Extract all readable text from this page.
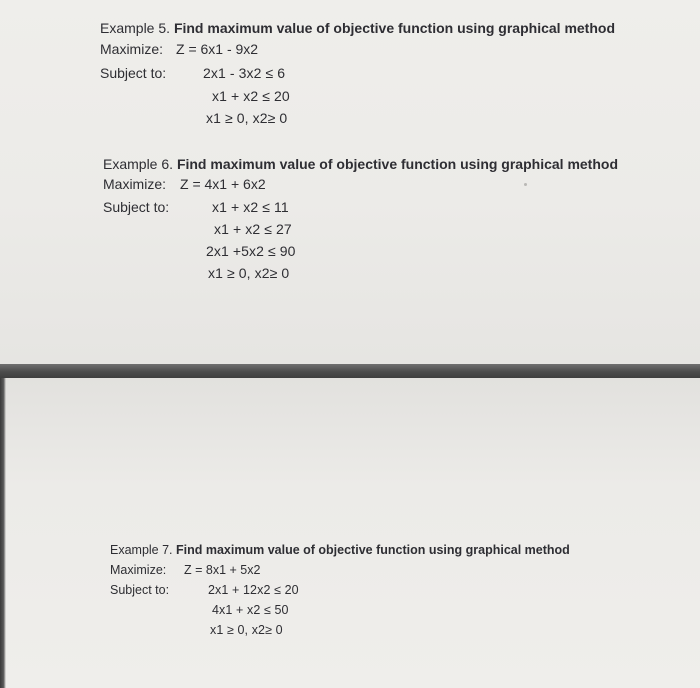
Example 5. Find maximum value of objective function using graphical method
Maximize: Z = 6x1 - 9x2
Subject to:	2x1 - 3x2 ≤ 6
x1 + x2 ≤ 20
x1 ≥ 0, x2≥ 0
Example 6. Find maximum value of objective function using graphical method
Maximize: Z = 4x1 + 6x2
Subject to:	x1 + x2 ≤ 11
x1 + x2 ≤ 27
2x1 +5x2 ≤ 90
x1 ≥ 0, x2≥ 0
Example 7. Find maximum value of objective function using graphical method
Maximize: Z = 8x1 + 5x2
Subject to:	2x1 + 12x2 ≤ 20
4x1 + x2 ≤ 50
x1 ≥ 0, x2≥ 0
